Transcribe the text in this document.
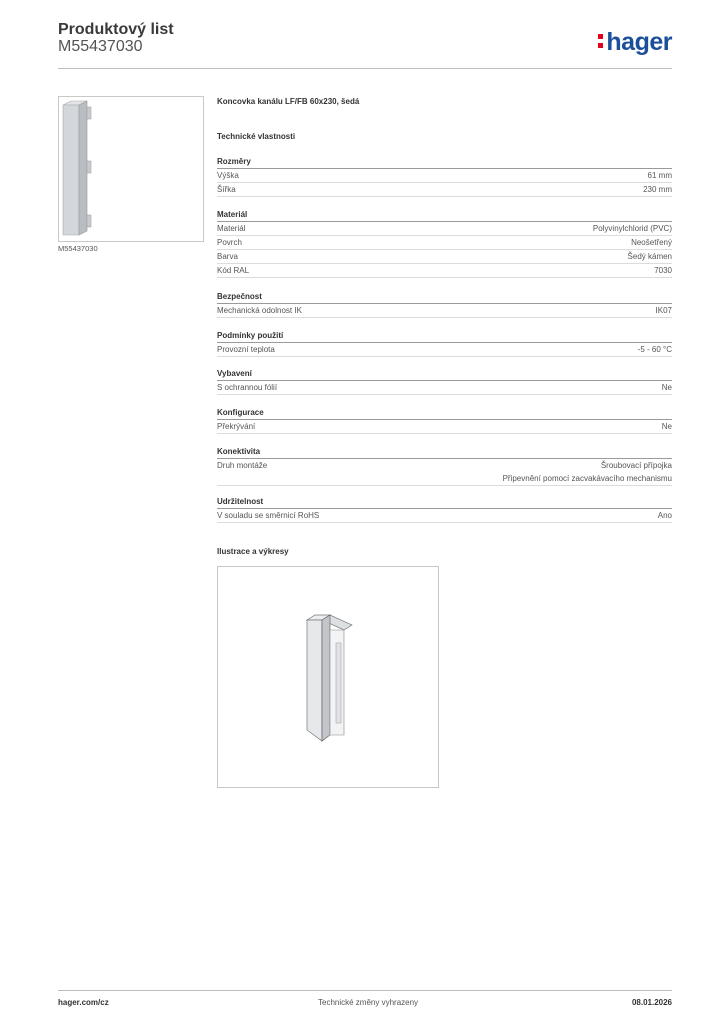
Produktový list
M55437030	hager
M55437030
Koncovka kanálu LF/FB 60x230, šedá
Technické vlastnosti
Rozměry
Výška	61 mm
Šířka	230 mm
Materiál
Materiál	Polyvinylchlorid (PVC)
Povrch	Neošetřený
Barva	Šedý kámen
Kód RAL	7030
Bezpečnost
Mechanická odolnost IK	IK07
Podmínky použití
Provozní teplota	-5 - 60 °C
Vybavení
S ochrannou fólií	Ne
Konfigurace
Překrývání	Ne
Konektivita
Druh montáže	Šroubovací přípojka
Připevnění pomocí zacvakávacího mechanismu
Udržitelnost
V souladu se směrnicí RoHS	Ano
Ilustrace a výkresy
hager.com/cz	Technické změny vyhrazeny	08.01.2026
